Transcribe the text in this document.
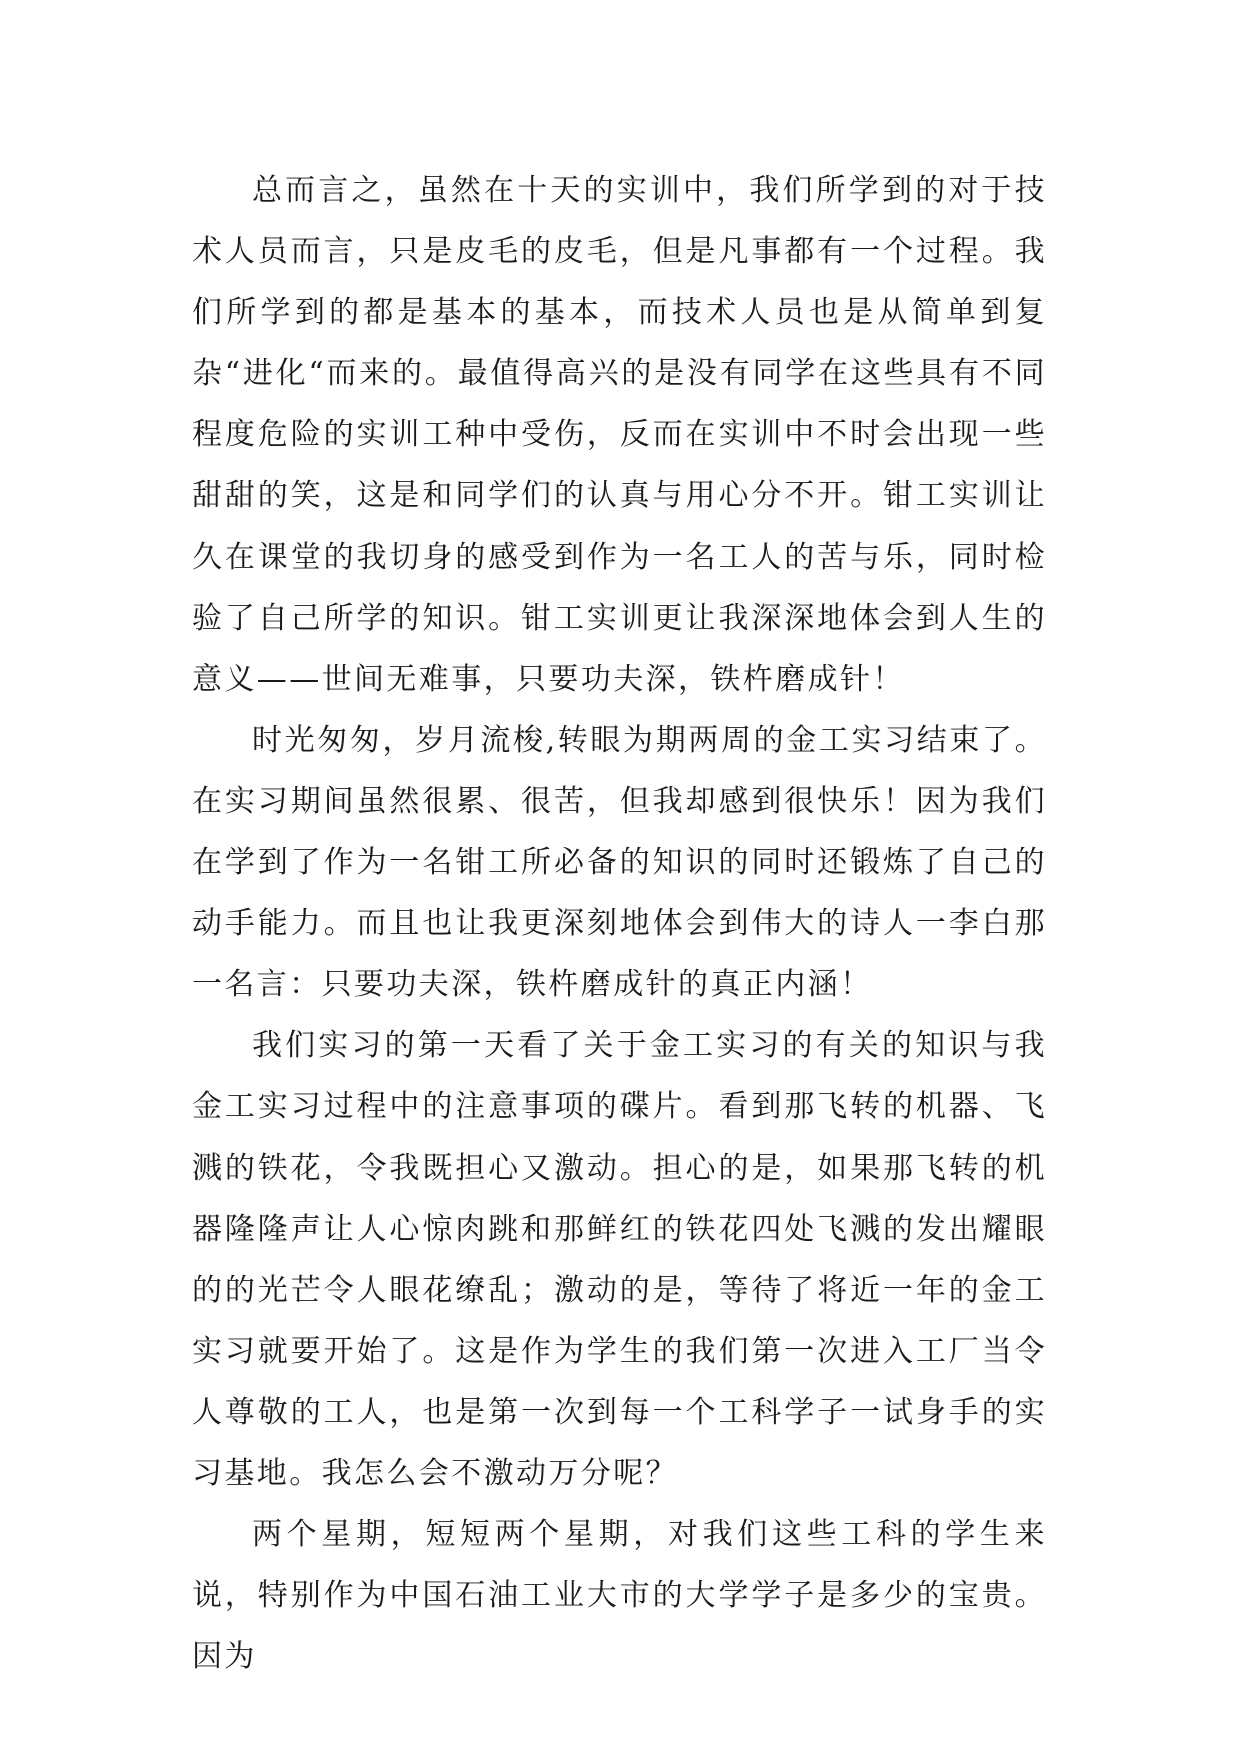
总而言之，虽然在十天的实训中，我们所学到的对于技术人员而言，只是皮毛的皮毛，但是凡事都有一个过程。我们所学到的都是基本的基本，而技术人员也是从简单到复杂“进化“而来的。最值得高兴的是没有同学在这些具有不同程度危险的实训工种中受伤，反而在实训中不时会出现一些甜甜的笑，这是和同学们的认真与用心分不开。钳工实训让久在课堂的我切身的感受到作为一名工人的苦与乐，同时检验了自己所学的知识。钳工实训更让我深深地体会到人生的意义——世间无难事，只要功夫深，铁杵磨成针！

时光匆匆，岁月流梭,转眼为期两周的金工实习结束了。在实习期间虽然很累、很苦，但我却感到很快乐！因为我们在学到了作为一名钳工所必备的知识的同时还锻炼了自己的动手能力。而且也让我更深刻地体会到伟大的诗人一李白那一名言：只要功夫深，铁杵磨成针的真正内涵！

我们实习的第一天看了关于金工实习的有关的知识与我金工实习过程中的注意事项的碟片。看到那飞转的机器、飞溅的铁花，令我既担心又激动。担心的是，如果那飞转的机器隆隆声让人心惊肉跳和那鲜红的铁花四处飞溅的发出耀眼的的光芒令人眼花缭乱；激动的是，等待了将近一年的金工实习就要开始了。这是作为学生的我们第一次进入工厂当令人尊敬的工人，也是第一次到每一个工科学子一试身手的实习基地。我怎么会不激动万分呢？

两个星期，短短两个星期，对我们这些工科的学生来说，特别作为中国石油工业大市的大学学子是多少的宝贵。因为
